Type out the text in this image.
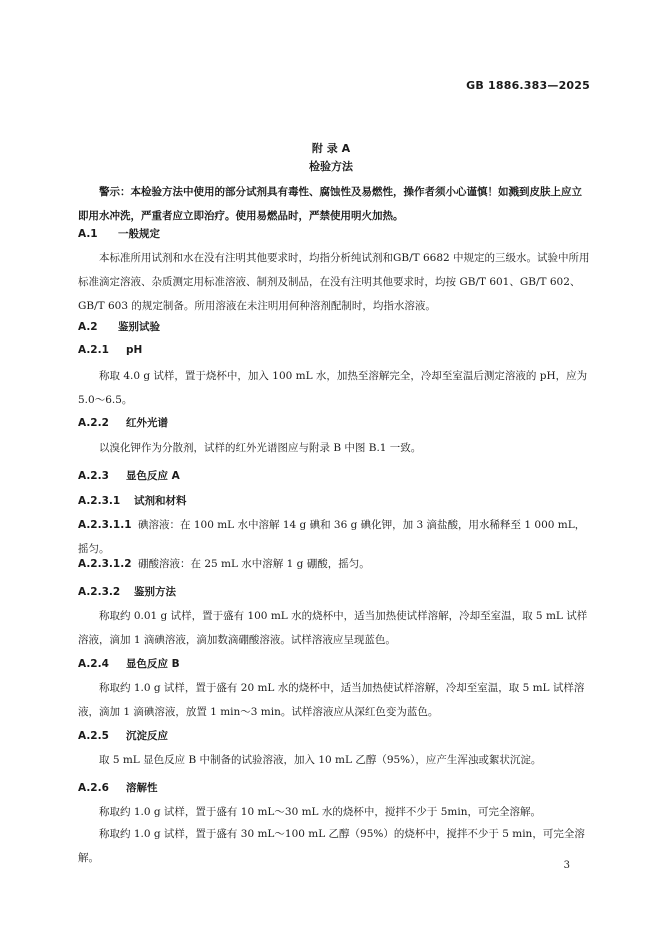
GB 1886.383—2025
附 录 A
检验方法
警示：本检验方法中使用的部分试剂具有毒性、腐蚀性及易燃性，操作者须小心谨慎！如溅到皮肤上应立即用水冲洗，严重者应立即治疗。使用易燃品时，严禁使用明火加热。
A.1 一般规定
本标准所用试剂和水在没有注明其他要求时，均指分析纯试剂和GB/T 6682 中规定的三级水。试验中所用标准滴定溶液、杂质测定用标准溶液、制剂及制品，在没有注明其他要求时，均按 GB/T 601、GB/T 602、GB/T 603 的规定制备。所用溶液在未注明用何种溶剂配制时，均指水溶液。
A.2 鉴别试验
A.2.1 pH
称取 4.0 g 试样，置于烧杯中，加入 100 mL 水，加热至溶解完全，冷却至室温后测定溶液的 pH，应为 5.0～6.5。
A.2.2 红外光谱
以溴化钾作为分散剂，试样的红外光谱图应与附录 B 中图 B.1 一致。
A.2.3 显色反应 A
A.2.3.1 试剂和材料
A.2.3.1.1 碘溶液：在 100 mL 水中溶解 14 g 碘和 36 g 碘化钾，加 3 滴盐酸，用水稀释至 1 000 mL，摇匀。
A.2.3.1.2 硼酸溶液：在 25 mL 水中溶解 1 g 硼酸，摇匀。
A.2.3.2 鉴别方法
称取约 0.01 g 试样，置于盛有 100 mL 水的烧杯中，适当加热使试样溶解，冷却至室温，取 5 mL 试样溶液，滴加 1 滴碘溶液，滴加数滴硼酸溶液。试样溶液应呈现蓝色。
A.2.4 显色反应 B
称取约 1.0 g 试样，置于盛有 20 mL 水的烧杯中，适当加热使试样溶解，冷却至室温，取 5 mL 试样溶液，滴加 1 滴碘溶液，放置 1 min～3 min。试样溶液应从深红色变为蓝色。
A.2.5 沉淀反应
取 5 mL 显色反应 B 中制备的试验溶液，加入 10 mL 乙醇（95%），应产生浑浊或絮状沉淀。
A.2.6 溶解性
称取约 1.0 g 试样，置于盛有 10 mL～30 mL 水的烧杯中，搅拌不少于 5min，可完全溶解。
称取约 1.0 g 试样，置于盛有 30 mL～100 mL 乙醇（95%）的烧杯中，搅拌不少于 5 min，可完全溶解。
3
